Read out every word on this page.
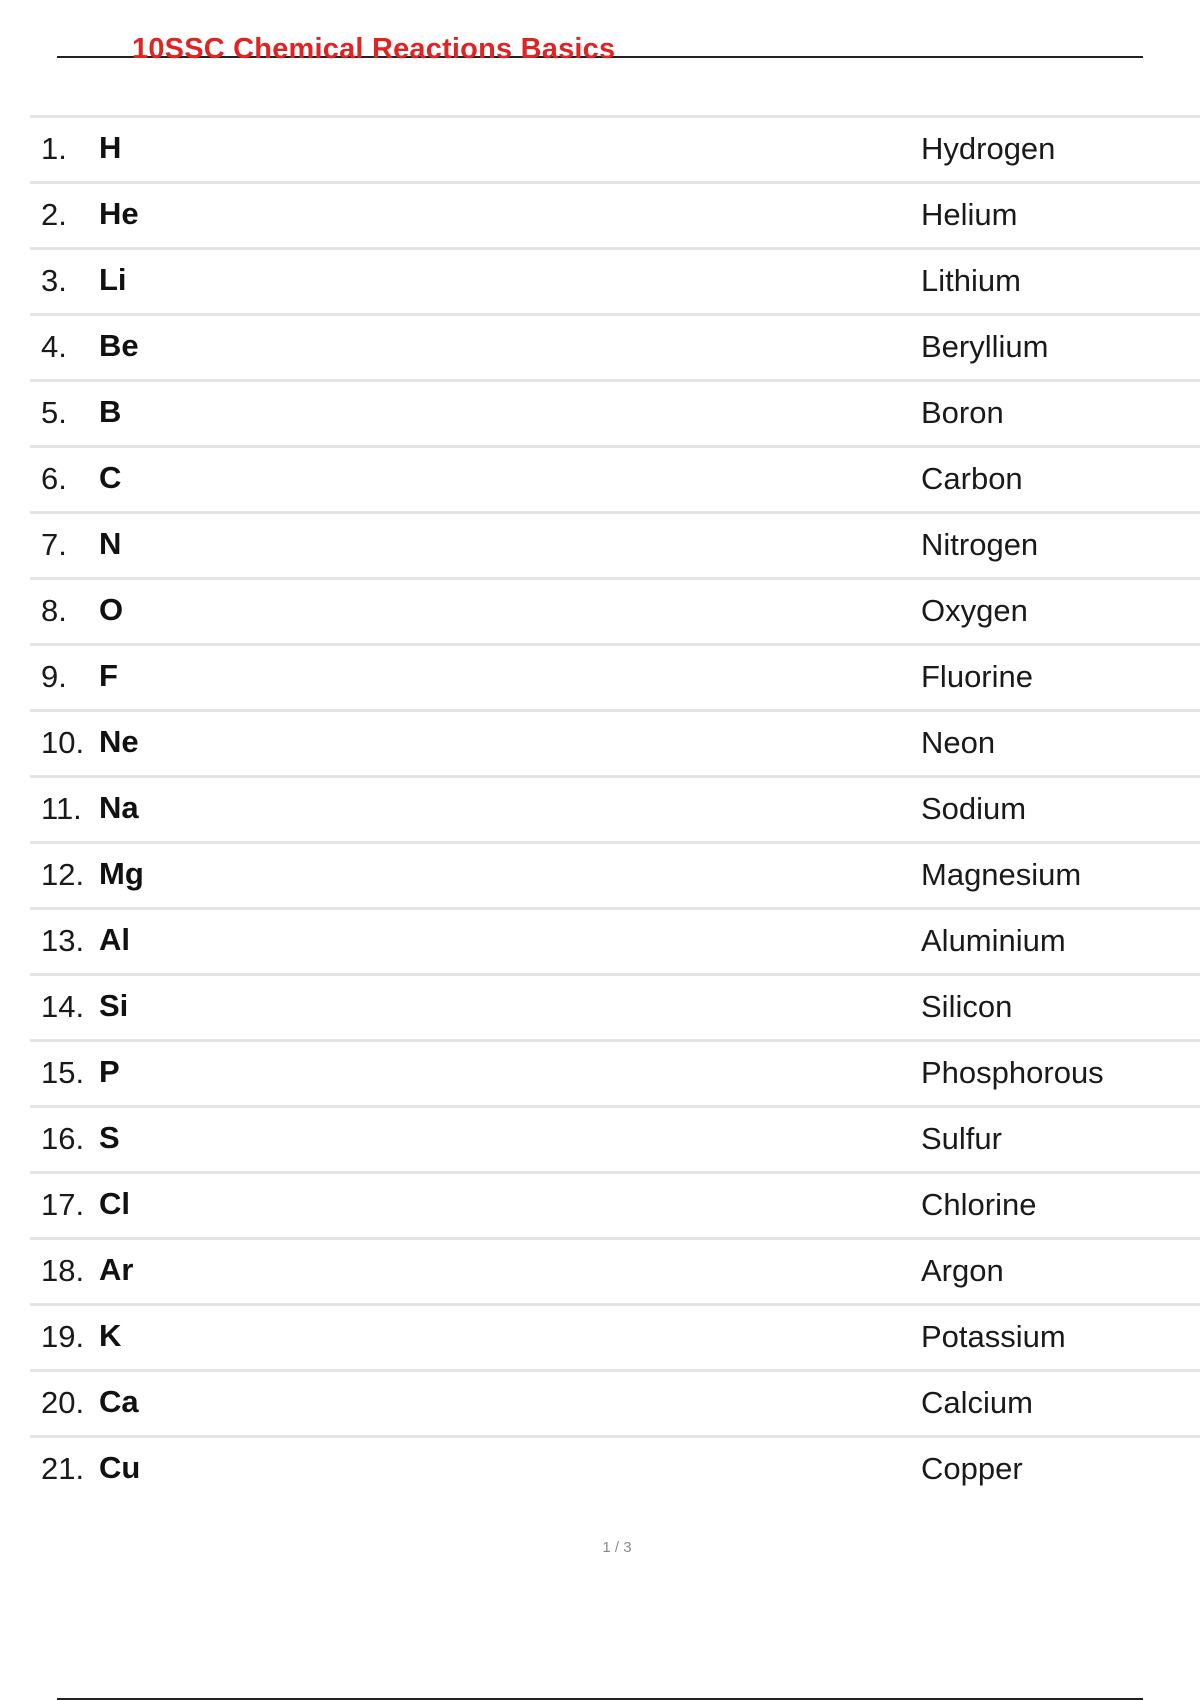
10SSC Chemical Reactions Basics
1. H	Hydrogen
2. He	Helium
3. Li	Lithium
4. Be	Beryllium
5. B	Boron
6. C	Carbon
7. N	Nitrogen
8. O	Oxygen
9. F	Fluorine
10. Ne	Neon
11. Na	Sodium
12. Mg	Magnesium
13. Al	Aluminium
14. Si	Silicon
15. P	Phosphorous
16. S	Sulfur
17. Cl	Chlorine
18. Ar	Argon
19. K	Potassium
20. Ca	Calcium
21. Cu	Copper
1 / 3
